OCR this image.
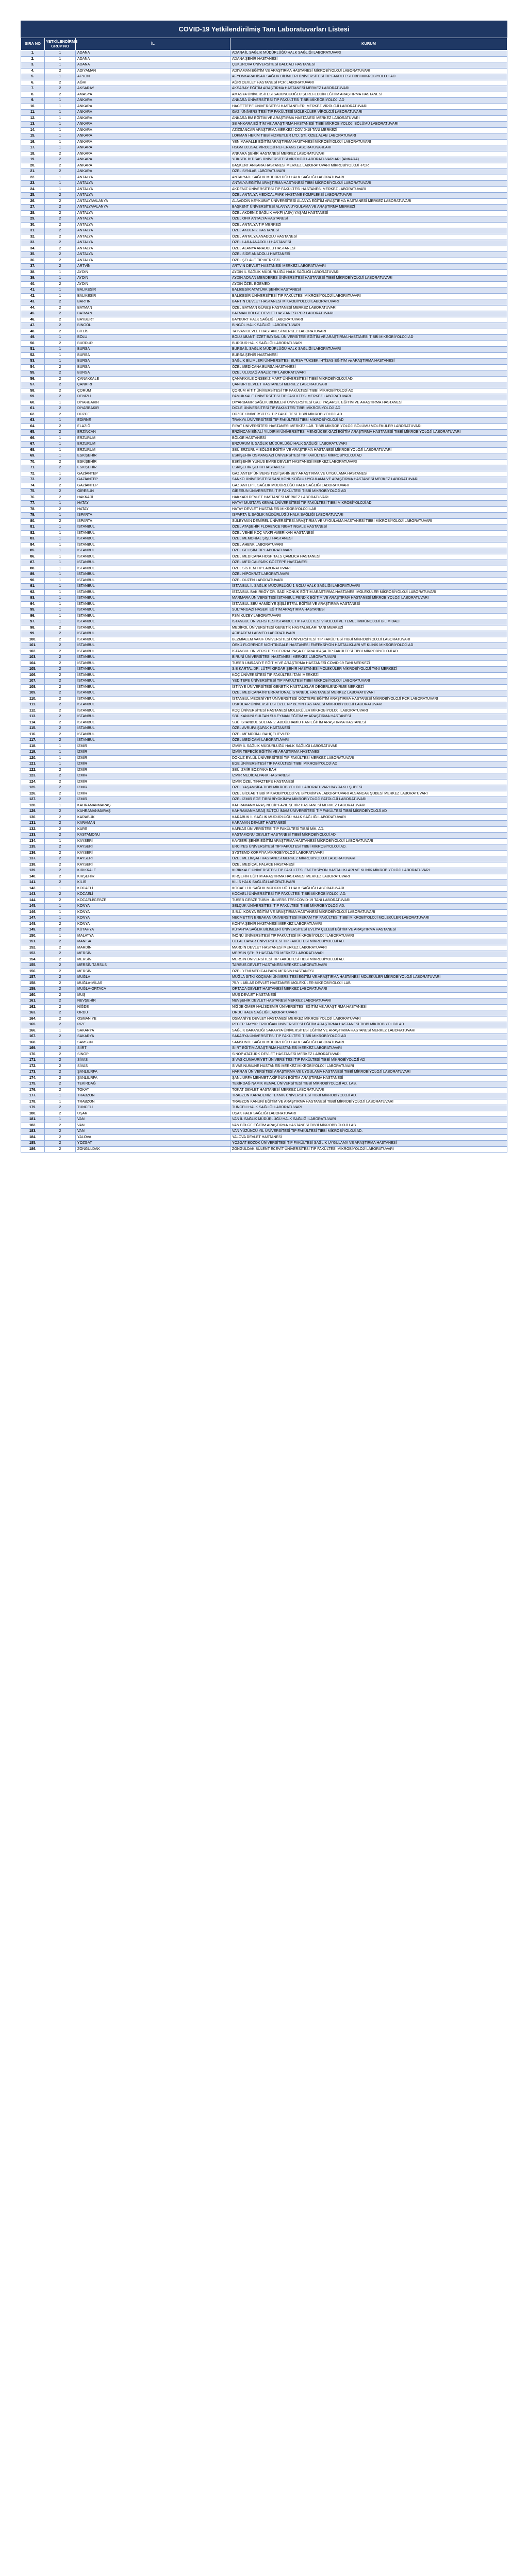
COVID-19 Yetkilendirilmiş Tanı Laboratuvarları Listesi
SIRA NO	YETKİLENDİRME GRUP NO	İL	KURUM
1.	1	ADANA	ADANA İL SAĞLIK MÜDÜRLÜĞÜ HALK SAĞLIĞI LABORATUVARI
2.	1	ADANA	ADANA ŞEHİR HASTANESİ
3.	1	ADANA	ÇUKUROVA ÜNİVERSİTESİ BALCALI HASTANESİ
4.	2	ADIYAMAN	ADIYAMAN EĞİTİM VE ARAŞTIRMA HASTANESİ MİKROBİYOLOJİ LABORATUVARI
5.	1	AFYON	AFYONKARAHİSAR SAĞLIK BİLİMLERİ ÜNİVERSİTESİ TIP FAKÜLTESİ TIBBİ MİKROBİYOLOJİ AD
6.	2	AĞRI	AĞRI DEVLET HASTANESİ PCR LABORATUVARI
7.	2	AKSARAY	AKSARAY EĞİTİM ARAŞTIRMA HASTANESİ MERKEZ LABORATUVARI
8.	2	AMASYA	AMASYA ÜNİVERSİTESİ SABUNCUOĞLU ŞEREFEDDİN EĞİTİM ARAŞTIRMA HASTANESİ
9.	1	ANKARA	ANKARA ÜNİVERSİTESİ TIP FAKÜLTESİ TIBBİ MİKROBİYOLOJİ AD
10.	1	ANKARA	HACETTEPE ÜNİVERSİTESİ HASTANELERİ MERKEZ VİROLOJİ LABORATUVARI
11.	1	ANKARA	GAZİ ÜNİVERSİTESİ TIP FAKÜLTESİ MOLEKÜLER VİROLOJİ LABORATUVARI
12.	1	ANKARA	ANKARA BM EĞİTİM VE ARAŞTIRMA HASTANESİ MERKEZ LABORATUVARI
13.	1	ANKARA	SB ANKARA EĞİTİM VE ARAŞTIRMA HASTANESİ TIBBİ MİKROBİYOLOJİ BÖLÜMÜ LABORATUVARI
14.	1	ANKARA	AZİZSANCAR ARAŞTIRMA MERKEZİ COVID-19 TANI MERKEZİ
15.	1	ANKARA	LOKMAN HEKİM TIBBİ HİZMETLER LTD. ŞTİ. ÖZEL ALAB LABORATUVARI
16.	1	ANKARA	YENİMAHALLE EĞİTİM ARAŞTIRMA HASTANESİ MİKROBİYOLOJİ LABORATUVARI
17.	1	ANKARA	HSGM ULUSAL VİROLOJİ REFERANS LABORATUVARLARI
18.	2	ANKARA	ANKARA ŞEHİR HASTANESİ MERKEZ LABORATUVARI
19.	2	ANKARA	YÜKSEK İHTİSAS ÜNİVERSİTESİ VİROLOJİ LABORATUVARLARI (ANKARA)
20.	2	ANKARA	BAŞKENT ANKARA HASTANESİ MERKEZ LABORATUVARI MİKROBİYOLOJİ -PCR
21.	2	ANKARA	ÖZEL SYNLAB LABORATUVARI
22.	1	ANTALYA	ANTALYA İL SAĞLIK MÜDÜRLÜĞÜ HALK SAĞLIĞI LABORATUVARI
23.	1	ANTALYA	ANTALYA EĞİTİM ARAŞTIRMA HASTANESİ TIBBİ MİKROBİYOLOJİ LABORATUVARI
24.	1	ANTALYA	AKDENİZ ÜNİVERSİTESİ TIP FAKÜLTESİ HASTANESİ MERKEZ LABORATUVARI
25.	2	ANTALYA	ÖZEL ANTALYA MEDİCALPARK HASTANE KOMPLEKSİ LABORATUVARI
26.	2	ANTALYA/ALANYA	ALAADDİN KEYKUBAT ÜNİVERSİTESİ ALANYA EĞİTİM ARAŞTIRMA HASTANESİ MERKEZ LABORATUVARI
27.	2	ANTALYA/ALANYA	BAŞKENT ÜNİVERSİTESİ ALANYA UYGULAMA VE ARAŞTIRMA MERKEZİ
28.	2	ANTALYA	ÖZEL AKDENİZ SAĞLIK VAKFI (ASV) YAŞAM HASTANESİ
29.	2	ANTALYA	ÖZEL OFM ANTALYA HASTANESİ
30.	2	ANTALYA	ÖZEL ANTALYA TIP MERKEZİ
31.	2	ANTALYA	ÖZEL AKDENİZ HASTANESİ
32.	2	ANTALYA	ÖZEL ANTALYA ANADOLU HASTANESİ
33.	2	ANTALYA	ÖZEL LARA ANADOLU HASTANESİ
34.	2	ANTALYA	ÖZEL ALANYA ANADOLU HASTANESİ
35.	2	ANTALYA	ÖZEL SİDE ANADOLU HASTANESİ
36.	2	ANTALYA	ÖZEL ŞELALE TIP MERKEZİ
37.	2	ARTVİN	ARTVİN DEVLET HASTANESİ MERKEZ LABORATUVARI
38.	1	AYDIN	AYDIN İL SAĞLIK MÜDÜRLÜĞÜ HALK SAĞLIĞI LABORATUVARI
39.	1	AYDIN	AYDIN ADNAN MENDERES ÜNİVERSİTESİ HASTANESİ TIBBİ MİKROBİYOLOJİ LABORATUVARI
40.	2	AYDIN	AYDIN ÖZEL EGEMED
41.	1	BALIKESİR	BALIKESİR ATATÜRK ŞEHİR HASTANESİ
42.	1	BALIKESİR	BALIKESİR ÜNİVERSİTESİ TIP FAKÜLTESİ MİKROBİYOLOJİ LABORATUVARI
43.	2	BARTIN	BARTIN DEVLET HASTANESİ MİKROBİYOLOJİ LABORATUVARI
44.	2	BATMAN	ÖZEL BATMAN GÜNEŞ HASTANESİ MERKEZ LABORATUVARI
45.	2	BATMAN	BATMAN BÖLGE DEVLET HASTANESİ PCR LABORATUVARI
46.	2	BAYBURT	BAYBURT HALK SAĞLIĞI LABORATUVARI
47.	2	BİNGÖL	BİNGÖL HALK SAĞLIĞI LABORATUVARI
48.	2	BİTLİS	TATVAN DEVLET HASTANESİ MERKEZ LABORATUVARI
49.	1	BOLU	BOLU ABANT İZZET BAYSAL ÜNİVERSİTESİ EĞİTİM VE ARAŞTIRMA HASTANESİ TIBBİ MİKROBİYOLOJİ AD
50.	2	BURDUR	BURDUR HALK SAĞLIĞI LABORATUVARI
51.	1	BURSA	BURSA İL SAĞLIK MÜDÜRLÜĞÜ HALK SAĞLIĞI LABORATUVARI
52.	1	BURSA	BURSA ŞEHİR HASTANESİ
53.	1	BURSA	SAĞLIK BİLİMLERİ ÜNİVERSİTESİ BURSA YÜKSEK İHTİSAS EĞİTİM ve ARAŞTIRMA HASTANESİ
54.	2	BURSA	ÖZEL MEDİCANA BURSA HASTANESİ
55.	2	BURSA	ÖZEL ULUDAĞ ANALİZ TIP LABORATUVARI
56.	2	ÇANAKKALE	ÇANAKKALE ONSEKİZ MART ÜNİVERSİTESİ TIBBİ MİKROBİYOLOJİ AD.
57.	2	ÇANKIRI	ÇANKIRI DEVLET HASTANESİ MERKEZ LABORATUVARI
58.	2	ÇORUM	ÇORUM HİTİT ÜNİVERSİTESİ TIP FAKÜLTESİ TIBBİ MİKROBİYOLOJİ AD
59.	2	DENİZLİ	PAMUKKALE ÜNİVERSİTESİ TIP FAKÜLTESİ MERKEZ LABORATUVARI
60.	1	DİYARBAKIR	DİYARBAKIR SAĞLIK BİLİMLERİ ÜNİVERSİTESİ GAZİ YAŞARGİL EĞİTİM VE ARAŞTIRMA HASTANESİ
61.	2	DİYARBAKIR	DİCLE ÜNİVERSİTESİ TIP FAKÜLTESİ TIBBİ MİKROBİYOLOJİ AD
62.	2	DÜZCE	DÜZCE ÜNİVERSİTESİ TIP FAKÜLTESİ TIBBİ MİKROBİYOLOJİ AD
63.	1	EDİRNE	TRAKYA ÜNİVERSİTESİ TIP FAKÜLTESİ TIBBİ MİKROBİYOLOJİ AD
64.	2	ELAZIĞ	FIRAT ÜNİVERSİTESİ HASTANESİ MERKEZ LAB. TIBBİ MİKROBİYOLOJİ BÖLÜMÜ MOLEKÜLER LABORATUVARI
65.	2	ERZİNCAN	ERZİNCAN BİNALİ YILDIRIM ÜNİVERSİTESİ MENGÜCEK GAZİ EĞİTİM ARAŞTIRMA HASTANESİ TIBBİ MİKROBİYOLOJİ LABORATUVARI
66.	1	ERZURUM	BÖLGE HASTANESİ
67.	1	ERZURUM	ERZURUM İL SAĞLIK MÜDÜRLÜĞÜ HALK SAĞLIĞI LABORATUVARI
68.	1	ERZURUM	SBÜ ERZURUM BÖLGE EĞİTİM VE ARAŞTIRMA HASTANESİ MİKROBİYOLOJİ LABORATUVARI
69.	1	ESKİŞEHİR	ESKİŞEHİR OSMANGAZİ ÜNİVERSİTESİ TIP FAKÜLTESİ MİKROBİYOLOJİ AD
70.	2	ESKİŞEHİR	ESKİŞEHİR YUNUS EMRE DEVLET HASTANESİ MERKEZ LABORATUVARI
71.	2	ESKİŞEHİR	ESKİŞEHİR ŞEHİR HASTANESİ
72.	1	GAZİANTEP	GAZİANTEP ÜNİVERSİTESİ ŞAHİNBEY ARAŞTIRMA VE UYGULAMA HASTANESİ
73.	2	GAZİANTEP	SANKO ÜNİVERSİTESİ SANİ KONUKOĞLU UYGULAMA VE ARAŞTIRMA HASTANESİ MERKEZ LABORATUVARI
74.	2	GAZİANTEP	GAZİANTEP İL SAĞLIK MÜDÜRLÜĞÜ HALK SAĞLIĞI LABORATUVARI
75.	2	GİRESUN	GİRESUN ÜNİVERSİTESİ TIP FAKÜLTESİ TIBBİ MİKROBİYOLOJİ AD
76.	2	HAKKARİ	HAKKARİ DEVLET HASTANESİ MERKEZ LABORATUVARI
77.	1	HATAY	HATAY MUSTAFA KEMAL ÜNİVERSİTESİ TIP FAKÜLTESİ TIBBİ MİKROBİYOLOJİ AD
78.	2	HATAY	HATAY DEVLET HASTANESİ MİKROBİYOLOJİ LAB
79.	1	ISPARTA	ISPARTA İL SAĞLIK MÜDÜRLÜĞÜ HALK SAĞLIĞI LABORATUVARI
80.	2	ISPARTA	SÜLEYMAN DEMİREL ÜNİVERSİTESİ ARAŞTIRMA VE UYGULAMA HASTANESİ TIBBİ MİKROBİYOLOJİ LABORATUVARI
81.	1	İSTANBUL	ÖZEL ATAŞEHİR FLORENCE NIGHTINGALE HASTANESİ
82.	1	İSTANBUL	ÖZEL VEHBİ KOÇ VAKFI AMERİKAN HASTANESİ
83.	1	İSTANBUL	ÖZEL MEMORİAL ŞİŞLİ HASTANESİ
84.	1	İSTANBUL	ÖZEL AHENK LABORATUVARI
85.	1	İSTANBUL	ÖZEL GELİŞİM TIP LABORATUVARI
86.	1	İSTANBUL	ÖZEL MEDICANA HOSPITALS ÇAMLICA HASTANESİ
87.	1	İSTANBUL	ÖZEL MEDİCALPARK GÖZTEPE HASTANESİ
88.	1	İSTANBUL	ÖZEL SİSTEM TIP LABORATUVARI
89.	1	İSTANBUL	ÖZEL HİPOKRAT LABORATUVARI
90.	1	İSTANBUL	ÖZEL DÜZEN LABORATUVARI
91.	1	İSTANBUL	İSTANBUL İL SAĞLIK MÜDÜRLÜĞÜ 1 NOLU HALK SAĞLIĞI LABORATUVARI
92.	1	İSTANBUL	İSTANBUL BAKIRKÖY DR. SADİ KONUK EĞİTİM ARAŞTIRMA HASTANESİ MOLEKÜLER MİKROBİYOLOJİ LABORATUVARI
93.	1	İSTANBUL	MARMARA ÜNİVERSİTESİ İSTANBUL PENDİK EĞİTİM VE ARAŞTIRMA HASTANESİ MİKROBİYOLOJİ LABORATUVARI
94.	1	İSTANBUL	İSTANBUL SBÜ HAMİDİYE ŞİŞLİ ETFAL EĞİTİM VE ARAŞTIRMA HASTANESİ
95.	1	İSTANBUL	SULTANGAZİ HASEKİ EĞİTİM ARAŞTIRMA HASTANESİ
96.	1	İSTANBUL	FSM KUZEY LABORATUVARI
97.	1	İSTANBUL	İSTANBUL ÜNİVERSİTESİ İSTANBUL TIP FAKÜLTESİ VİROLOJİ VE TEMEL İMMÜNOLOJİ BİLİM DALI
98.	2	İSTANBUL	MEDİPOL ÜNİVERSİTESİ GENETİK HASTALIKLARI TANI MERKEZİ
99.	2	İSTANBUL	ACIBADEM LABMED LABORATUVARI
100.	2	İSTANBUL	BEZMİALEM VAKIF ÜNİVERSİTESİ ÜNİVERSİTESİ TIP FAKÜLTESİ TIBBİ MİKROBİYOLOJİ LABORATUVARI
101.	2	İSTANBUL	ÖSKÜ FLORENCE NIGHTINGALE HASTANESİ ENFEKSİYON HASTALIKLARI VE KLİNİK MİKROBİYOLOJİ AD
102.	2	İSTANBUL	İSTANBUL ÜNİVERSİTESİ CERRAHPAŞA CERRAHPAŞA TIP FAKÜLTESİ TIBBİ MİKROBİYOLOJİ AD
103.	2	İSTANBUL	BİRUNİ ÜNİVERSİTESİ HASTANESİ MERKEZ LABORATUVARI
104.	2	İSTANBUL	TÜSEB ÜMRANİYE EĞİTİM VE ARAŞTIRMA HASTANESİ COVID-19 TANI MERKEZİ
105.	2	İSTANBUL	S.B KARTAL DR. LÜTFİ KIRDAR ŞEHİR HASTANESİ MOLEKÜLER MİKROBİYOLOJİ TANI MERKEZİ
106.	2	İSTANBUL	KOÇ ÜNİVERSİTESİ TIP FAKÜLTESİ TANI MERKEZİ
107.	2	İSTANBUL	YEDİTEPE ÜNİVERSİTESİ TIP FAKÜLTESİ TIBBİ MİKROBİYOLOJİ LABORATUVARI
108.	2	İSTANBUL	İSTİNYE ÜNİVERSİTESİ GENETİK HASTALIKLAR DEĞERLENDİRME MERKEZİ
109.	2	İSTANBUL	ÖZEL MEDİCANA İNTERNATİONAL İSTANBUL HASTANESİ MERKEZ LABORATUVARI
110.	2	İSTANBUL	İSTANBUL MEDENİYET ÜNİVERSİTESİ GÖZTEPE EĞİTİM ARAŞTIRMA HASTANESİ MİKROBİYOLOJİ PCR LABORATUVARI
111.	2	İSTANBUL	ÜSKÜDAR ÜNİVERSİTESİ ÖZEL NP BEYİN HASTANESİ MİKROBİYOLOJİ LABORATUVARI
112.	2	İSTANBUL	KOÇ ÜNİVERSİTESİ HASTANESİ MOLEKÜLER MİKROBİYOLOJİ LABORATUVARI
113.	2	İSTANBUL	SBÜ KANUNİ SULTAN SÜLEYMAN EĞİTİM ve ARAŞTIRMA HASTANESİ
114.	2	İSTANBUL	SBÜ İSTANBUL SULTAN 2. ABDÜLHAMİD HAN EĞİTİM ARAŞTIRMA HASTANESİ
115.	2	İSTANBUL	ÖZEL AVRUPA ŞAFAK HASTANESİ
116.	2	İSTANBUL	ÖZEL MEMORİAL BAHÇELİEVLER
117.	2	İSTANBUL	ÖZEL MEDİCAMİ LABORATUVARI
118.	1	İZMİR	İZMİR İL SAĞLIK MÜDÜRLÜĞÜ HALK SAĞLIĞI LABORATUVARI
119.	1	İZMİR	İZMİR TEPECİK EĞİTİM VE ARAŞTIRMA HASTANESİ
120.	1	İZMİR	DOKUZ EYLÜL ÜNİVERSİTESİ TIP FAKÜLTESİ MERKEZ LABORATUVARI
121.	1	İZMİR	EGE ÜNİVERSİTESİ TIP FAKÜLTESİ TIBBİ MİKROBİYOLOJİ AD
122.	2	İZMİR	SBÜ İZMİR BOZYAKA EAH
123.	2	İZMİR	İZMİR MEDİCALPARK HASTANESİ
124.	2	İZMİR	İZMİR ÖZEL TINAZTEPE HASTANESİ
125.	2	İZMİR	ÖZEL YAŞAMŞİFA TIBBİ MİKROBİYOLOJİ LABORATUVARI BAYRAKLI ŞUBESİ
126.	2	İZMİR	ÖZEL BİOLAB TIBBİ MİKROBİYOLOJİ VE BİYOKİMYA LABORATUVARI ALSANCAK ŞUBESİ MERKEZ LABORATUVARI
127.	2	İZMİR	ÖZEL İZMİR EGE TIBBİ BİYOKİMYA MİKROBİYOLOJİ PATOLOJİ LABORATUVARI
128.	1	KAHRAMANMARAŞ	KAHRAMANMARAŞ NECİP FAZIL ŞEHİR HASTANESİ MERKEZ LABORATUVARI
129.	2	KAHRAMANMARAŞ	KAHRAMANMARAŞ SÜTÇÜ İMAM ÜNİVERSİTESİ TIP FAKÜLTESİ TIBBİ MİKROBİYOLOJİ AD
130.	2	KARABÜK	KARABÜK İL SAĞLIK MÜDÜRLÜĞÜ HALK SAĞLIĞI LABORATUVARI
131.	2	KARAMAN	KARAMAN DEVLET HASTANESİ
132.	2	KARS	KAFKAS ÜNİVERSİTESİ TIP FAKÜLTESİ TIBBİ MİK. AD.
133.	2	KASTAMONU	KASTAMONU DEVLET HASTANESİ TIBBİ MİKROBİYOLOJİ AD
134.	1	KAYSERİ	KAYSERİ ŞEHİR EĞİTİM ARAŞTIRMA HASTANESİ MİKROBİYOLOJİ LABORATUVARI
135.	2	KAYSERİ	ERCİYES ÜNİVERSİTESİ TIP FAKÜLTESİ TIBBİ MİKROBİYOLOJİ AD.
136.	2	KAYSERİ	SYSTEMO KORPİYA MİKROBİYOLOJİ LABORATUVARI
137.	2	KAYSERİ	ÖZEL MELİKŞAH HASTANESİ MERKEZ MİKROBİYOLOJİ LABORATUVARI
138.	2	KAYSERİ	ÖZEL MEDİCAL PALACE HASTANESİ
139.	2	KIRIKKALE	KIRIKKALE ÜNİVERSİTESİ TIP FAKÜLTESİ ENFEKSİYON HASTALIKLARI VE KLİNİK MİKROBİYOLOJİ LABORATUVARI
140.	2	KIRŞEHİR	KIRŞEHİR EĞİTİM ARAŞTIRMA HASTANESİ MERKEZ LABORATUVARI
141.	2	KİLİS	KİLİS HALK SAĞLIĞI LABORATUVARI
142.	1	KOCAELİ	KOCAELİ İL SAĞLIK MÜDÜRLÜĞÜ HALK SAĞLIĞI LABORATUVARI
143.	2	KOCAELİ	KOCAELİ ÜNİVERSİTESİ TIP FAKÜLTESİ TIBBİ MİKROBİYOLOJİ AD.
144.	2	KOCAELİ/GEBZE	TÜSEB GEBZE TÜBİM ÜNİVERSİTESİ COVID-19 TANI LABORATUVARI
145.	1	KONYA	SELÇUK ÜNİVERSİTESİ TIP FAKÜLTESİ TIBBİ MİKROBİYOLOJİ AD.
146.	1	KONYA	S.B.Ü. KONYA EĞİTİM VE ARAŞTIRMA HASTANESİ MİKROBİYOLOJİ LABORATUVARI
147.	1	KONYA	NECMETTİN ERBAKAN ÜNİVERSİTESİ MERAM TIP FAKÜLTESİ TIBBİ MİKROBİYOLOJİ MOLEKÜLER LABORATUVARI
148.	2	KONYA	KONYA ŞEHİR HASTANESİ MERKEZ LABORATUVARI
149.	2	KÜTAHYA	KÜTAHYA SAĞLIK BİLİMLERİ ÜNİVERSİTESİ EVLİYA ÇELEBİ EĞİTİM VE ARAŞTIRMA HASTANESİ
150.	1	MALATYA	İNÖNÜ ÜNİVERSİTESİ TIP FAKÜLTESİ MİKROBİYOLOJİ LABORATUVARI
151.	2	MANİSA	CELAL BAYAR ÜNİVERSİTESİ TIP FAKÜLTESİ MİKROBİYOLOJİ AD.
152.	2	MARDİN	MARDİN DEVLET HASTANESİ MERKEZ LABORATUVARI
153.	2	MERSİN	MERSİN ŞEHİR HASTANESİ MERKEZ LABORATUVARI
154.	2	MERSİN	MERSİN ÜNİVERSİTESİ TIP FAKÜLTESİ TIBBİ MİKROBİYOLOJİ AD.
155.	2	MERSİN TARSUS	TARSUS DEVLET HASTANESİ MERKEZ LABORATUVARI
156.	2	MERSİN	ÖZEL YENİ MEDİCALPARK MERSİN HASTANESİ
157.	2	MUĞLA	MUĞLA SITKI KOÇMAN ÜNİVERSİTESİ EĞİTİM VE ARAŞTIRMA HASTANESİ MOLEKÜLER MİKROBİYOLOJİ LABORATUVARI
158.	2	MUĞLA-MİLAS	75.YIL MİLAS DEVLET HASTANESİ MOLEKÜLER MİKROBİYOLOJİ LAB.
159.	2	MUĞLA-ORTACA	ORTACA DEVLET HASTANESİ MERKEZ LABORATUVARI
160.	2	MUŞ	MUŞ DEVLET HASTANESİ
161.	2	NEVŞEHİR	NEVŞEHİR DEVLET HASTANESİ MERKEZ LABORATUVARI
162.	2	NİĞDE	NİĞDE ÖMER HALİSDEMİR ÜNİVERSİTESİ EĞİTİM VE ARAŞTIRMA HASTANESİ
163.	2	ORDU	ORDU HALK SAĞLIĞI LABORATUVARI
164.	2	OSMANİYE	OSMANİYE DEVLET HASTANESİ MERKEZ MİKROBİYOLOJİ LABORATUVARI
165.	2	RİZE	RECEP TAYYİP ERDOĞAN ÜNİVERSİTESİ EĞİTİM ARAŞTIRMA HASTANESİ TIBBİ MİKROBİYOLOJİ AD
166.	1	SAKARYA	SAĞLIK BAKANLIĞI SAKARYA ÜNİVERSİTESİ EĞİTİM VE ARAŞTIRMA HASTANESİ MERKEZ LABORATUVARI
167.	2	SAKARYA	SAKARYA ÜNİVERSİTESİ TIP FAKÜLTESİ TIBBİ MİKROBİYOLOJİ AD
168.	1	SAMSUN	SAMSUN İL SAĞLIK MÜDÜRLÜĞÜ HALK SAĞLIĞI LABORATUVARI
169.	2	SİİRT	SİİRT EĞİTİM ARAŞTIRMA HASTANESİ MERKEZ LABORATUVARI
170.	2	SİNOP	SİNOP ATATÜRK DEVLET HASTANESİ MERKEZ LABORATUVARI
171.	2	SİVAS	SİVAS CUMHURİYET ÜNİVERSİTESİ TIP FAKÜLTESİ TIBBİ MİKROBİYOLOJİ AD
172.	2	SİVAS	SİVAS NUMUNE HASTANESİ MERKEZ MİKROBİYOLOJİ LABORATUVARI
173.	2	ŞANLIURFA	HARRAN ÜNİVERSİTESİ ARAŞTIRMA VE UYGULAMA HASTANESİ TIBBİ MİKROBİYOLOJİ LABORATUVARI
174.	2	ŞANLIURFA	ŞANLIURFA MEHMET AKİF İNAN EĞİTİM ARAŞTIRMA HASTANESİ
175.	2	TEKİRDAĞ	TEKİRDAĞ NAMIK KEMAL ÜNİVERSİTESİ TIBBİ MİKROBİYOLOJİ AD. LAB.
176.	2	TOKAT	TOKAT DEVLET HASTANESİ MERKEZ LABORATUVARI
177.	1	TRABZON	TRABZON KARADENİZ TEKNİK ÜNİVERSİTESİ TIBBİ MİKROBİYOLOJİ AD.
178.	1	TRABZON	TRABZON KANUNİ EĞİTİM VE ARAŞTIRMA HASTANESİ TIBBİ MİKROBİYOLOJİ LABORATUVARI
179.	2	TUNCELİ	TUNCELİ HALK SAĞLIĞI LABORATUVARI
180.	2	UŞAK	UŞAK HALK SAĞLIĞI LABORATUVARI
181.	1	VAN	VAN İL SAĞLIK MÜDÜRLÜĞÜ HALK SAĞLIĞI LABORATUVARI
182.	2	VAN	VAN BÖLGE EĞİTİM ARAŞTIRMA HASTANESİ TIBBİ MİKROBİYOLOJİ LAB.
183.	2	VAN	VAN YÜZÜNCÜ YIL ÜNİVERSİTESİ TIP FAKÜLTESİ TIBBİ MİKROBİYOLOJİ AD.
184.	2	YALOVA	YALOVA DEVLET HASTANESİ
185.	2	YOZGAT	YOZGAT BOZOK ÜNİVERSİTESİ TIP FAKÜLTESİ SAĞLIK UYGULAMA VE ARAŞTIRMA HASTANESİ
186.	2	ZONGULDAK	ZONGULDAK BÜLENT ECEVİT ÜNİVERSİTESİ TIP FAKÜLTESİ MİKROBİYOLOJİ LABORATUVARI
